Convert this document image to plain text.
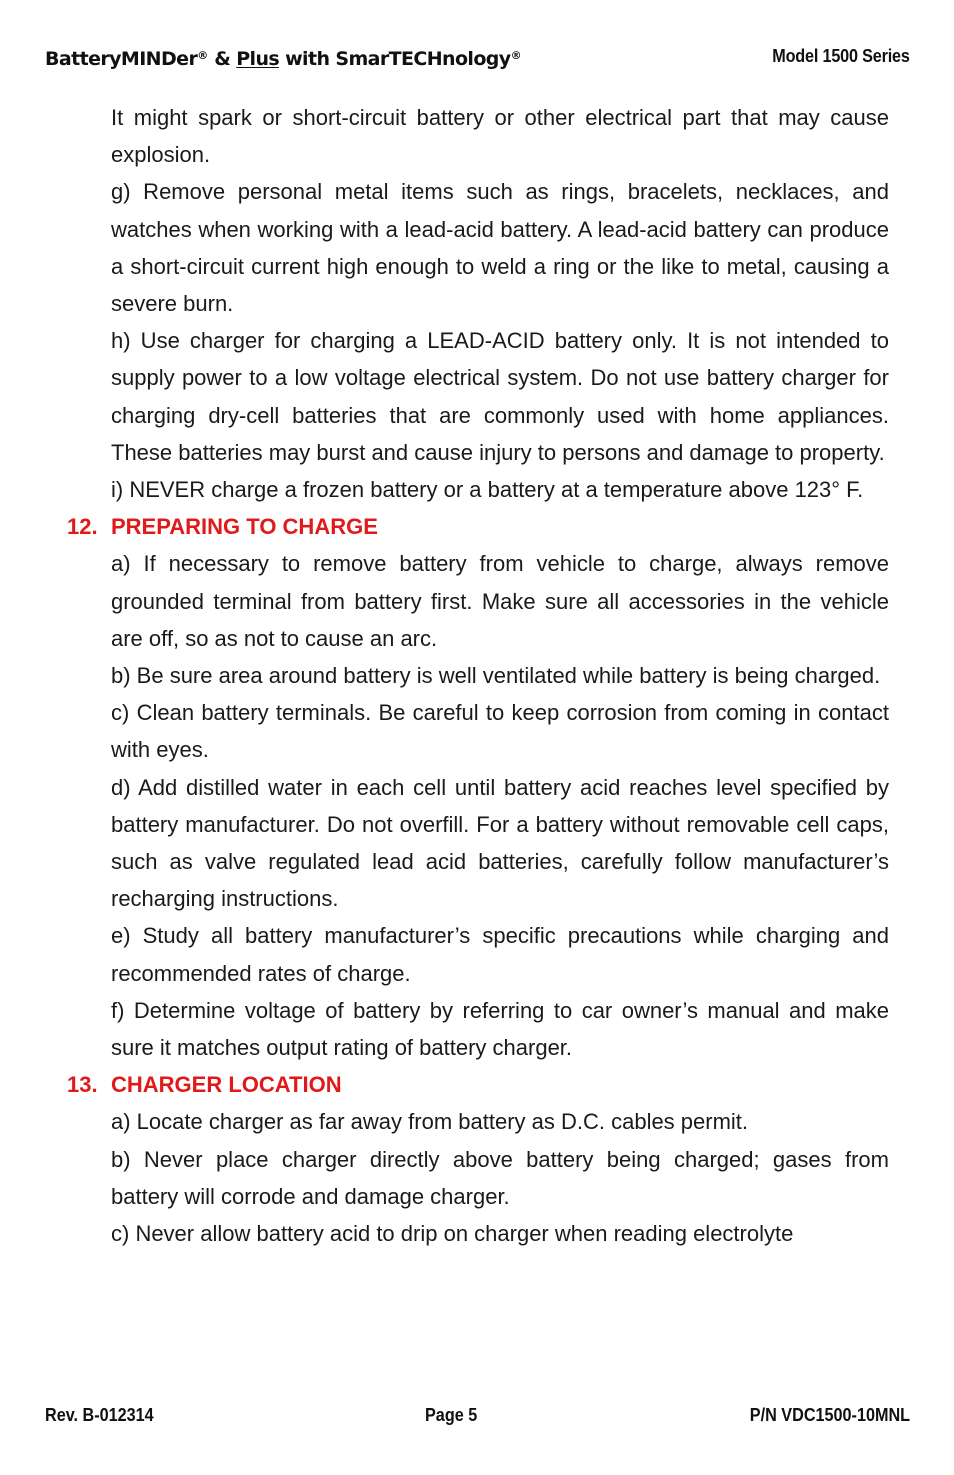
BatteryMINDer® & Plus with SmarTECHnology®	Model 1500 Series

It might spark or short-circuit battery or other electrical part that may cause explosion.

g) Remove personal metal items such as rings, bracelets, necklaces, and watches when working with a lead-acid battery. A lead-acid battery can produce a short-circuit current high enough to weld a ring or the like to metal, causing a severe burn.

h) Use charger for charging a LEAD-ACID battery only. It is not intended to supply power to a low voltage electrical system. Do not use battery charger for charging dry-cell batteries that are commonly used with home appliances. These batteries may burst and cause injury to persons and damage to property.

i) NEVER charge a frozen battery or a battery at a temperature above 123° F.

12. PREPARING TO CHARGE

a) If necessary to remove battery from vehicle to charge, always remove grounded terminal from battery first. Make sure all accessories in the vehicle are off, so as not to cause an arc.

b) Be sure area around battery is well ventilated while battery is being charged.

c) Clean battery terminals. Be careful to keep corrosion from coming in contact with eyes.

d) Add distilled water in each cell until battery acid reaches level specified by battery manufacturer. Do not overfill. For a battery without removable cell caps, such as valve regulated lead acid batteries, carefully follow manufacturer’s recharging instructions.

e) Study all battery manufacturer’s specific precautions while charging and recommended rates of charge.

f) Determine voltage of battery by referring to car owner’s manual and make sure it matches output rating of battery charger.

13. CHARGER LOCATION

a) Locate charger as far away from battery as D.C. cables permit.

b) Never place charger directly above battery being charged; gases from battery will corrode and damage charger.

c) Never allow battery acid to drip on charger when reading electrolyte

Rev. B-012314	Page 5	P/N VDC1500-10MNL
